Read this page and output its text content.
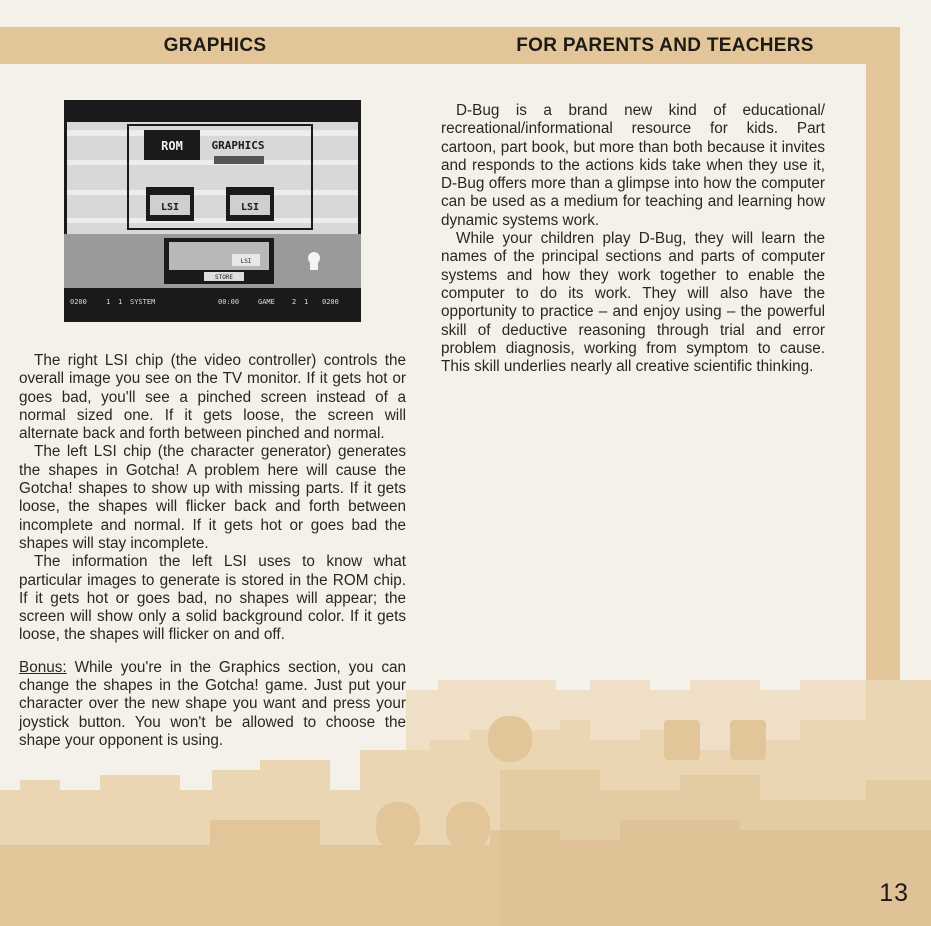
GRAPHICS	FOR PARENTS AND TEACHERS
ROM	GRAPHICS
LSI	LSI
LSI
STORE
0200	1 1 SYSTEM	00:00	GAME 2 1 0200

The right LSI chip (the video controller) controls the overall image you see on the TV monitor. If it gets hot or goes bad, you'll see a pinched screen instead of a normal sized one. If it gets loose, the screen will alternate back and forth between pinched and normal.

The left LSI chip (the character generator) generates the shapes in Gotcha! A problem here will cause the Gotcha! shapes to show up with missing parts. If it gets loose, the shapes will flicker back and forth between incomplete and normal. If it gets hot or goes bad the shapes will stay incomplete.

The information the left LSI uses to know what particular images to generate is stored in the ROM chip. If it gets hot or goes bad, no shapes will appear; the screen will show only a solid background color. If it gets loose, the shapes will flicker on and off.

Bonus: While you're in the Graphics section, you can change the shapes in the Gotcha! game. Just put your character over the new shape you want and press your joystick button. You won't be allowed to choose the shape your opponent is using.

D-Bug is a brand new kind of educational/ recreational/informational resource for kids. Part cartoon, part book, but more than both because it invites and responds to the actions kids take when they use it, D-Bug offers more than a glimpse into how the computer can be used as a medium for teaching and learning how dynamic systems work.

While your children play D-Bug, they will learn the names of the principal sections and parts of computer systems and how they work together to enable the computer to do its work. They will also have the opportunity to practice – and enjoy using – the powerful skill of deductive reasoning through trial and error problem diagnosis, working from symptom to cause. This skill underlies nearly all creative scientific thinking.

13
